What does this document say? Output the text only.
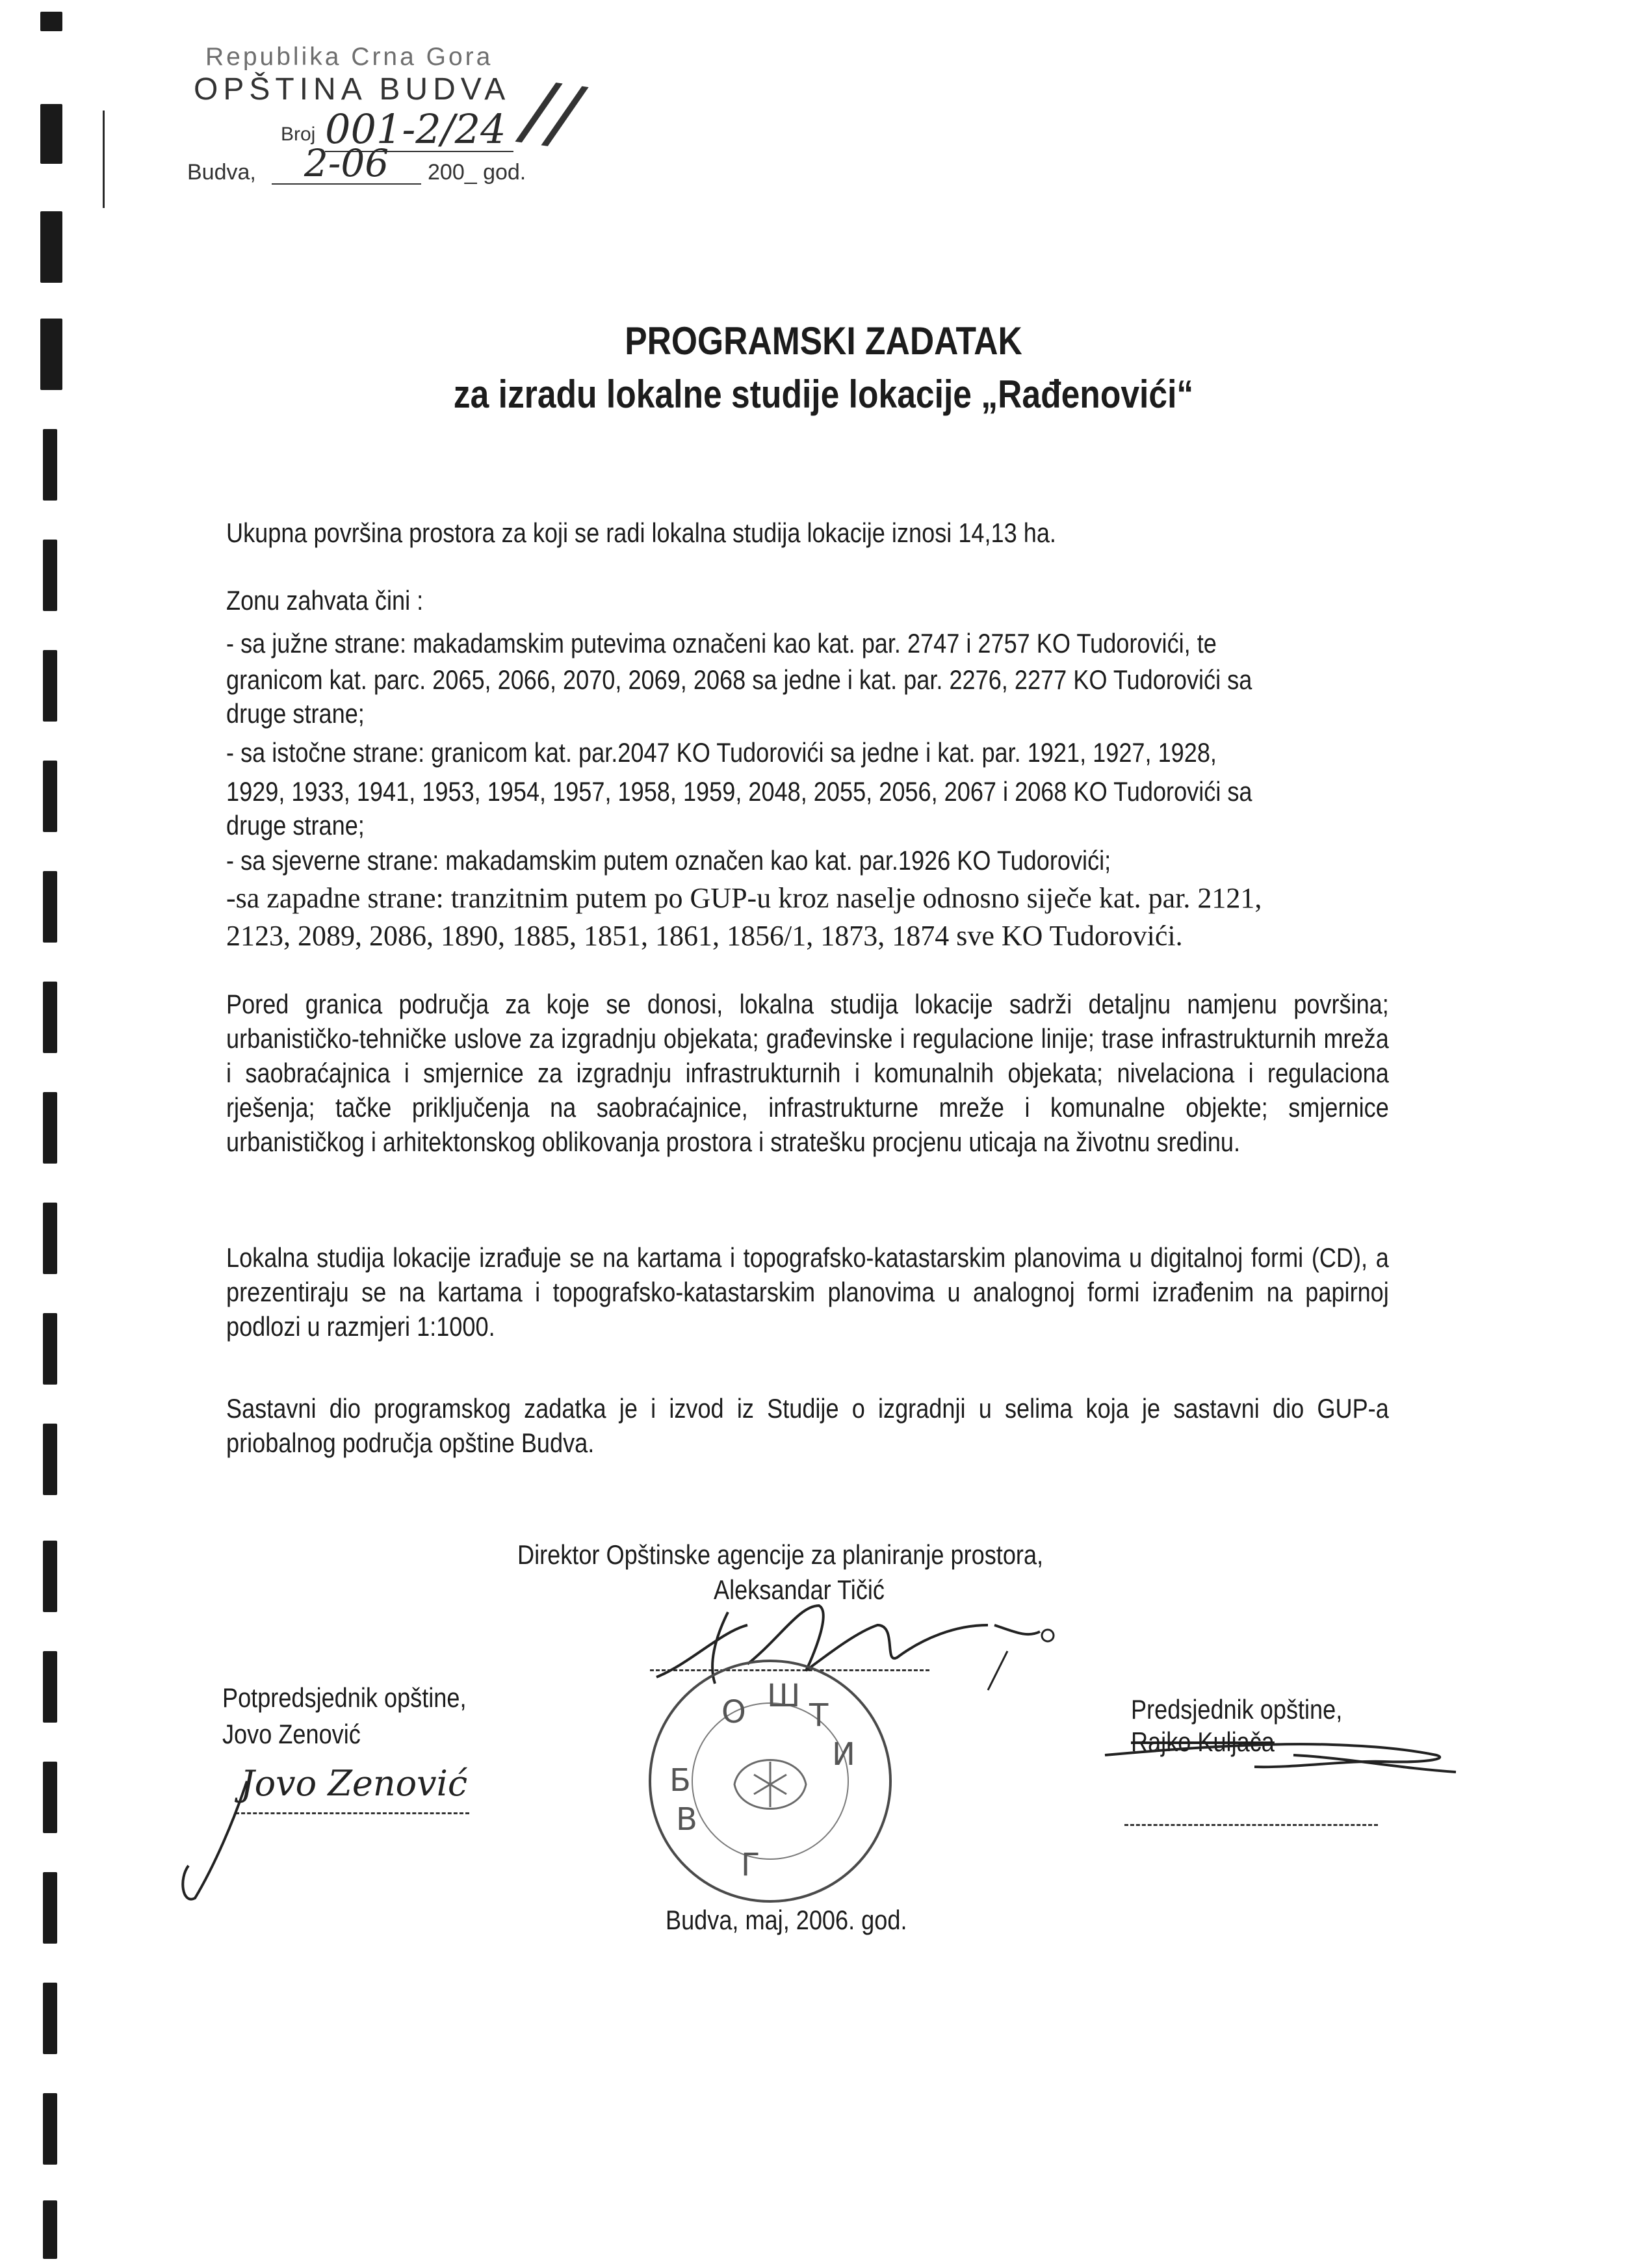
Republika Crna Gora
OPŠTINA BUDVA
Broj 001-2/24
Budva,	2-06	200_ god.
//
PROGRAMSKI ZADATAK
za izradu lokalne studije lokacije „Rađenovići“
Ukupna površina prostora za koji se radi lokalna studija lokacije iznosi 14,13 ha.
Zonu zahvata čini :
- sa južne strane: makadamskim putevima označeni kao kat. par. 2747 i 2757 KO Tudorovići, te
granicom kat. parc. 2065, 2066, 2070, 2069, 2068 sa jedne i kat. par. 2276, 2277 KO Tudorovići sa
druge strane;
- sa istočne strane: granicom kat. par.2047 KO Tudorovići sa jedne i kat. par. 1921, 1927, 1928,
1929, 1933, 1941, 1953, 1954, 1957, 1958, 1959, 2048, 2055, 2056, 2067 i 2068 KO Tudorovići sa
druge strane;
- sa sjeverne strane: makadamskim putem označen kao kat. par.1926 KO Tudorovići;
-sa zapadne strane: tranzitnim putem po GUP-u kroz naselje odnosno siječe kat. par. 2121,
2123, 2089, 2086, 1890, 1885, 1851, 1861, 1856/1, 1873, 1874 sve KO Tudorovići.
Pored granica područja za koje se donosi, lokalna studija lokacije sadrži detaljnu namjenu površina; urbanističko-tehničke uslove za izgradnju objekata; građevinske i regulacione linije; trase infrastrukturnih mreža i saobraćajnica i smjernice za izgradnju infrastrukturnih i komunalnih objekata; nivelaciona i regulaciona rješenja; tačke priključenja na saobraćajnice, infrastrukturne mreže i komunalne objekte; smjernice urbanističkog i arhitektonskog oblikovanja prostora i stratešku procjenu uticaja na životnu sredinu.
Lokalna studija lokacije izrađuje se na kartama i topografsko-katastarskim planovima u digitalnoj formi (CD), a prezentiraju se na kartama i topografsko-katastarskim planovima u analognoj formi izrađenim na papirnoj podlozi u razmjeri 1:1000.
Sastavni dio programskog zadatka je i izvod iz Studije o izgradnji u selima koja je sastavni dio GUP-a priobalnog područja opštine Budva.
Direktor Opštinske agencije za planiranje prostora,
Aleksandar Tičić
О Ш
Т
И
Б
В
Г
Potpredsjednik opštine,
Jovo Zenović
Jovo Zenović
Predsjednik opštine,
Rajko Kuljača
Budva, maj, 2006. god.
